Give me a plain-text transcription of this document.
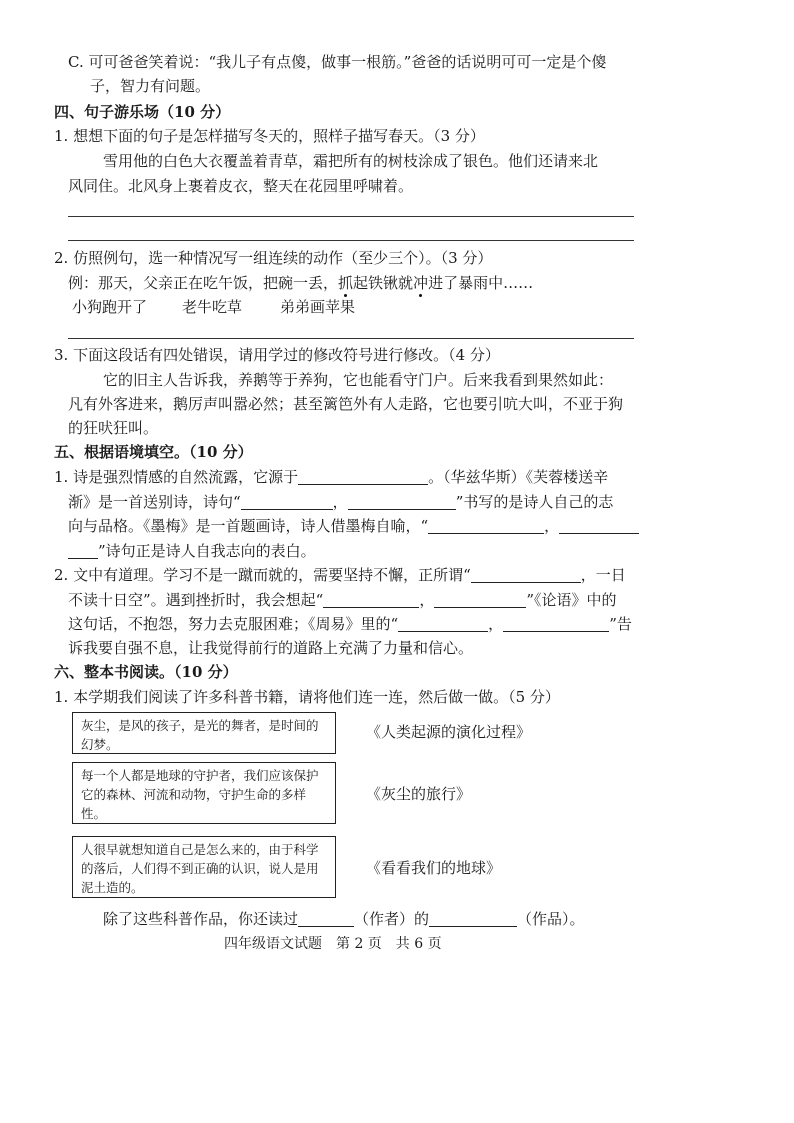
C. 可可爸爸笑着说：“我儿子有点傻，做事一根筋。”爸爸的话说明可可一定是个傻
子，智力有问题。
四、句子游乐场（10 分）
1. 想想下面的句子是怎样描写冬天的，照样子描写春天。（3 分）
雪用他的白色大衣覆盖着青草，霜把所有的树枝涂成了银色。他们还请来北
风同住。北风身上裹着皮衣，整天在花园里呼啸着。
2. 仿照例句，选一种情况写一组连续的动作（至少三个）。（3 分）
例：那天，父亲正在吃午饭，把碗一丢，抓起铁锹就冲进了暴雨中……
小狗跑开了 老牛吃草	弟弟画苹果
3. 下面这段话有四处错误，请用学过的修改符号进行修改。（4 分）
它的旧主人告诉我，养鹅等于养狗，它也能看守门户。后来我看到果然如此：
凡有外客进来，鹅厉声叫嚣必然；甚至篱笆外有人走路，它也要引吭大叫，不亚于狗
的狂吠狂叫。
五、根据语境填空。（10 分）
1. 诗是强烈情感的自然流露，它源于	。（华兹华斯）《芙蓉楼送辛
渐》是一首送别诗，诗句“	，	”书写的是诗人自己的志
向与品格。《墨梅》是一首题画诗，诗人借墨梅自喻，“	，
”诗句正是诗人自我志向的表白。
2. 文中有道理。学习不是一蹴而就的，需要坚持不懈，正所谓“	，一日
不读十日空”。遇到挫折时，我会想起“	，	”《论语》中的
这句话，不抱怨，努力去克服困难；《周易》里的“	，	”告
诉我要自强不息，让我觉得前行的道路上充满了力量和信心。
六、整本书阅读。（10 分）
1. 本学期我们阅读了许多科普书籍，请将他们连一连，然后做一做。（5 分）
灰尘，是风的孩子，是光的舞者，是时间的幻梦。
每一个人都是地球的守护者，我们应该保护它的森林、河流和动物，守护生命的多样性。
人很早就想知道自己是怎么来的，由于科学的落后，人们得不到正确的认识，说人是用泥土造的。
《人类起源的演化过程》
《灰尘的旅行》
《看看我们的地球》
除了这些科普作品，你还读过	（作者）的	（作品）。
四年级语文试题　第 2 页　共 6 页
